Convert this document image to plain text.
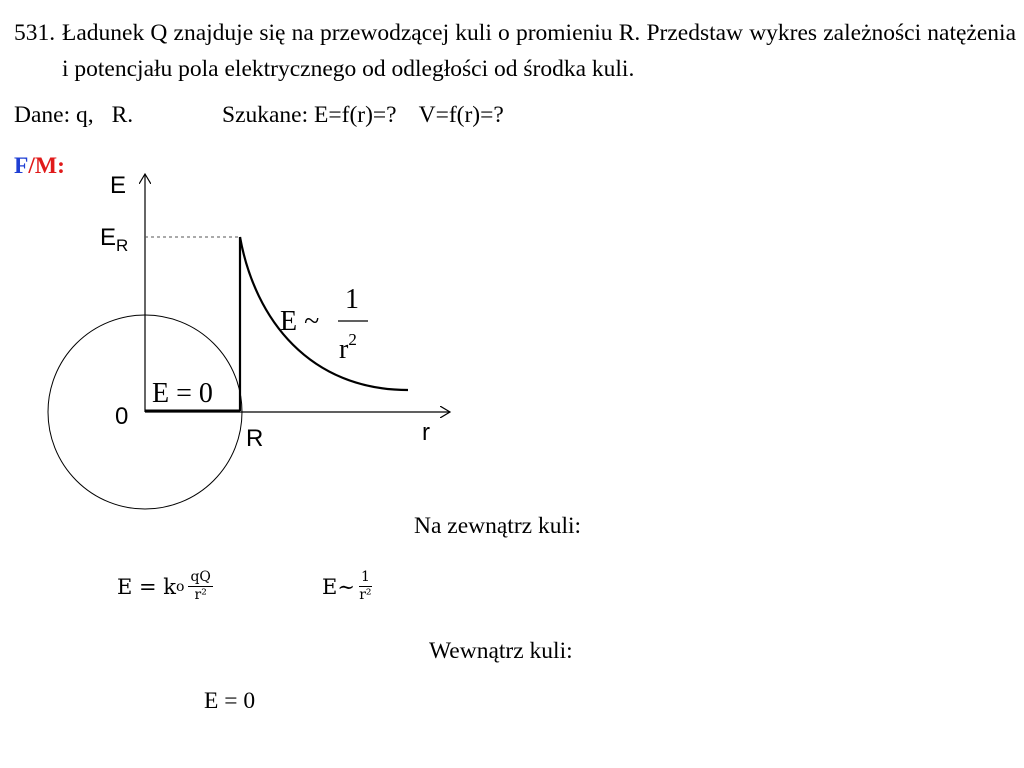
531. Ładunek Q znajduje się na przewodzącej kuli o promieniu R. Przedstaw wykres zależności natężenia i potencjału pola elektrycznego od odległości od środka kuli.
Dane: q, R.	Szukane: E=f(r)=? V=f(r)=?
F/M:
E
$E_R$
E ~
1
$r^2$
E = 0
0
R	r
Na zewnątrz kuli:
E = k o $\frac{qQ}{\text{r²}}$	E∼ $\frac{1}{\text{r²}}$
Wewnątrz kuli:
E = 0
